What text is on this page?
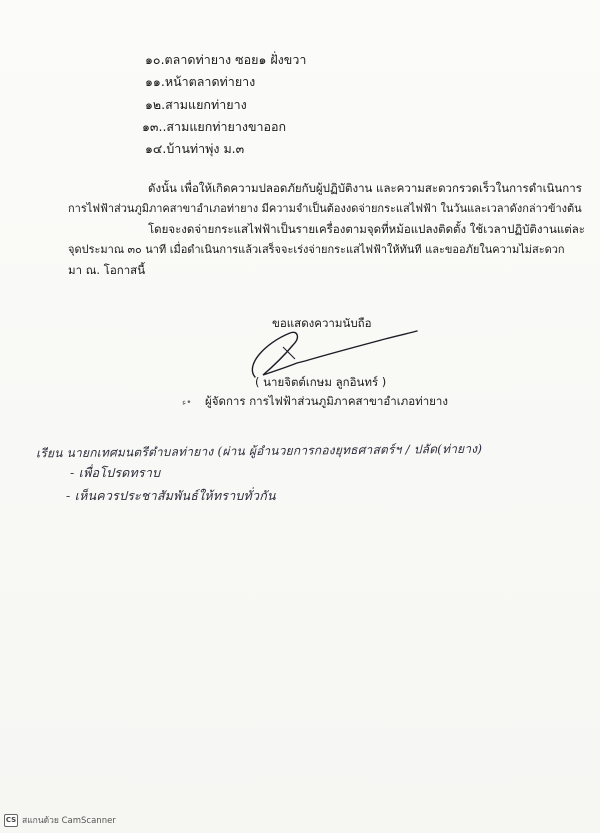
๑๐.ตลาดท่ายาง ซอย๑ ฝั่งขวา
๑๑.หน้าตลาดท่ายาง
๑๒.สามแยกท่ายาง
๑๓..สามแยกท่ายางขาออก
๑๔.บ้านท่าพุ่ง ม.๓
ดังนั้น เพื่อให้เกิดความปลอดภัยกับผู้ปฏิบัติงาน และความสะดวกรวดเร็วในการดำเนินการ
การไฟฟ้าส่วนภูมิภาคสาขาอำเภอท่ายาง มีความจำเป็นต้องงดจ่ายกระแสไฟฟ้า ในวันและเวลาดังกล่าวข้างต้น
โดยจะงดจ่ายกระแสไฟฟ้าเป็นรายเครื่องตามจุดที่หม้อแปลงติดตั้ง ใช้เวลาปฏิบัติงานแต่ละ
จุดประมาณ ๓๐ นาที เมื่อดำเนินการแล้วเสร็จจะเร่งจ่ายกระแสไฟฟ้าให้ทันที และขออภัยในความไม่สะดวก
มา ณ. โอกาสนี้
ขอแสดงความนับถือ
( นายจิตต์เกษม ลูกอินทร์ )
ء• ผู้จัดการ การไฟฟ้าส่วนภูมิภาคสาขาอำเภอท่ายาง
เรียน นายกเทศมนตรีตำบลท่ายาง (ผ่าน ผู้อำนวยการกองยุทธศาสตร์ฯ / ปลัด(ท่ายาง)
- เพื่อโปรดทราบ
- เห็นควรประชาสัมพันธ์ให้ทราบทั่วกัน
CS สแกนด้วย CamScanner
